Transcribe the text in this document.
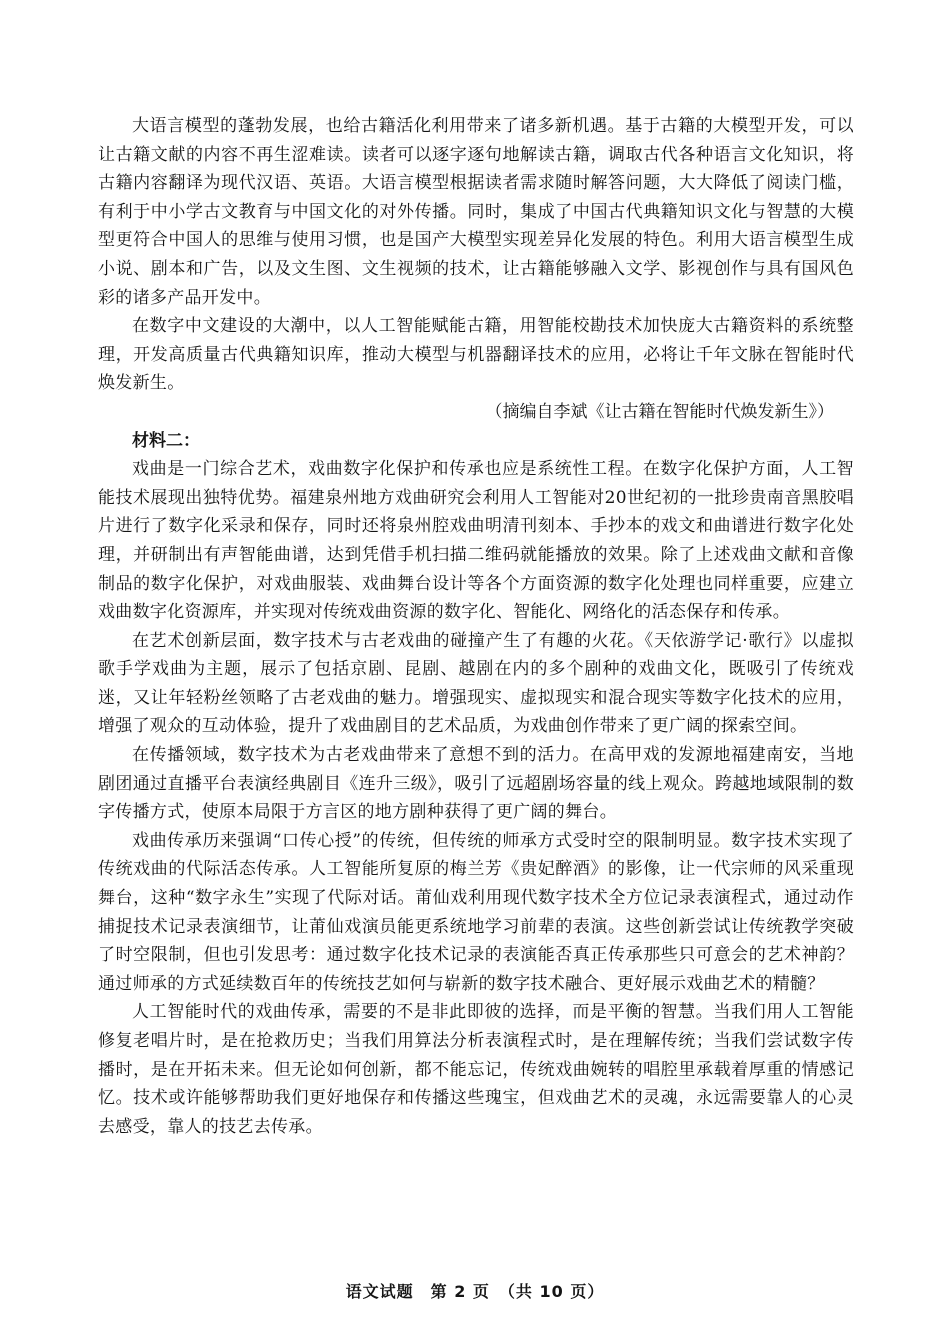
大语言模型的蓬勃发展，也给古籍活化利用带来了诸多新机遇。基于古籍的大模型开发，可以让古籍文献的内容不再生涩难读。读者可以逐字逐句地解读古籍，调取古代各种语言文化知识，将古籍内容翻译为现代汉语、英语。大语言模型根据读者需求随时解答问题，大大降低了阅读门槛，有利于中小学古文教育与中国文化的对外传播。同时，集成了中国古代典籍知识文化与智慧的大模型更符合中国人的思维与使用习惯，也是国产大模型实现差异化发展的特色。利用大语言模型生成小说、剧本和广告，以及文生图、文生视频的技术，让古籍能够融入文学、影视创作与具有国风色彩的诸多产品开发中。

在数字中文建设的大潮中，以人工智能赋能古籍，用智能校勘技术加快庞大古籍资料的系统整理，开发高质量古代典籍知识库，推动大模型与机器翻译技术的应用，必将让千年文脉在智能时代焕发新生。

（摘编自李斌《让古籍在智能时代焕发新生》）

材料二：

戏曲是一门综合艺术，戏曲数字化保护和传承也应是系统性工程。在数字化保护方面，人工智能技术展现出独特优势。福建泉州地方戏曲研究会利用人工智能对20世纪初的一批珍贵南音黑胶唱片进行了数字化采录和保存，同时还将泉州腔戏曲明清刊刻本、手抄本的戏文和曲谱进行数字化处理，并研制出有声智能曲谱，达到凭借手机扫描二维码就能播放的效果。除了上述戏曲文献和音像制品的数字化保护，对戏曲服装、戏曲舞台设计等各个方面资源的数字化处理也同样重要，应建立戏曲数字化资源库，并实现对传统戏曲资源的数字化、智能化、网络化的活态保存和传承。

在艺术创新层面，数字技术与古老戏曲的碰撞产生了有趣的火花。《天依游学记·歌行》以虚拟歌手学戏曲为主题，展示了包括京剧、昆剧、越剧在内的多个剧种的戏曲文化，既吸引了传统戏迷，又让年轻粉丝领略了古老戏曲的魅力。增强现实、虚拟现实和混合现实等数字化技术的应用，增强了观众的互动体验，提升了戏曲剧目的艺术品质，为戏曲创作带来了更广阔的探索空间。

在传播领域，数字技术为古老戏曲带来了意想不到的活力。在高甲戏的发源地福建南安，当地剧团通过直播平台表演经典剧目《连升三级》，吸引了远超剧场容量的线上观众。跨越地域限制的数字传播方式，使原本局限于方言区的地方剧种获得了更广阔的舞台。

戏曲传承历来强调“口传心授”的传统，但传统的师承方式受时空的限制明显。数字技术实现了传统戏曲的代际活态传承。人工智能所复原的梅兰芳《贵妃醉酒》的影像，让一代宗师的风采重现舞台，这种“数字永生”实现了代际对话。莆仙戏利用现代数字技术全方位记录表演程式，通过动作捕捉技术记录表演细节，让莆仙戏演员能更系统地学习前辈的表演。这些创新尝试让传统教学突破了时空限制，但也引发思考：通过数字化技术记录的表演能否真正传承那些只可意会的艺术神韵？通过师承的方式延续数百年的传统技艺如何与崭新的数字技术融合、更好展示戏曲艺术的精髓？

人工智能时代的戏曲传承，需要的不是非此即彼的选择，而是平衡的智慧。当我们用人工智能修复老唱片时，是在抢救历史；当我们用算法分析表演程式时，是在理解传统；当我们尝试数字传播时，是在开拓未来。但无论如何创新，都不能忘记，传统戏曲婉转的唱腔里承载着厚重的情感记忆。技术或许能够帮助我们更好地保存和传播这些瑰宝，但戏曲艺术的灵魂，永远需要靠人的心灵去感受，靠人的技艺去传承。

语文试题　第 2 页　（共 10 页）
